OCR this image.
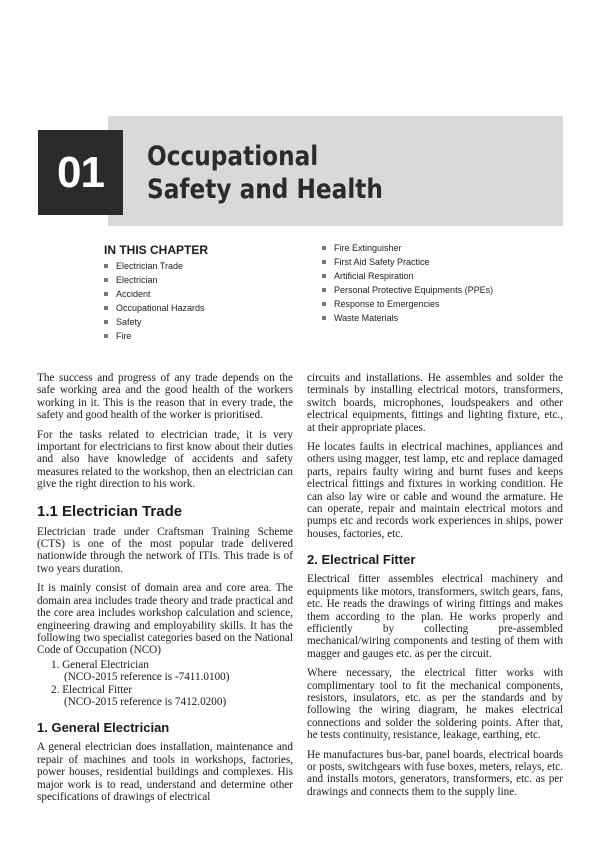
01	Occupational
Safety and Health
IN THIS CHAPTER
Electrician Trade
Electrician
Accident
Occupational Hazards
Safety
Fire
Fire Extinguisher
First Aid Safety Practice
Artificial Respiration
Personal Protective Equipments (PPEs)
Response to Emergencies
Waste Materials

The success and progress of any trade depends on the safe working area and the good health of the workers working in it. This is the reason that in every trade, the safety and good health of the worker is prioritised.

For the tasks related to electrician trade, it is very important for electricians to first know about their duties and also have knowledge of accidents and safety measures related to the workshop, then an electrician can give the right direction to his work.

1.1 Electrician Trade

Electrician trade under Craftsman Training Scheme (CTS) is one of the most popular trade delivered nationwide through the network of ITIs. This trade is of two years duration.

It is mainly consist of domain area and core area. The domain area includes trade theory and trade practical and the core area includes workshop calculation and science, engineering drawing and employability skills. It has the following two specialist categories based on the National Code of Occupation (NCO)

1. General Electrician
(NCO-2015 reference is -7411.0100)
2. Electrical Fitter
(NCO-2015 reference is 7412.0200)
1. General Electrician

A general electrician does installation, maintenance and repair of machines and tools in workshops, factories, power houses, residential buildings and complexes. His major work is to read, understand and determine other specifications of drawings of electrical

circuits and installations. He assembles and solder the terminals by installing electrical motors, transformers, switch boards, microphones, loudspeakers and other electrical equipments, fittings and lighting fixture, etc., at their appropriate places.

He locates faults in electrical machines, appliances and others using magger, test lamp, etc and replace damaged parts, repairs faulty wiring and burnt fuses and keeps electrical fittings and fixtures in working condition. He can also lay wire or cable and wound the armature. He can operate, repair and maintain electrical motors and pumps etc and records work experiences in ships, power houses, factories, etc.

2. Electrical Fitter

Electrical fitter assembles electrical machinery and equipments like motors, transformers, switch gears, fans, etc. He reads the drawings of wiring fittings and makes them according to the plan. He works properly and efficiently by collecting pre-assembled mechanical/wiring components and testing of them with magger and gauges etc. as per the circuit.

Where necessary, the electrical fitter works with complimentary tool to fit the mechanical components, resistors, insulators, etc. as per the standards and by following the wiring diagram, he makes electrical connections and solder the soldering points. After that, he tests continuity, resistance, leakage, earthing, etc.

He manufactures bus-bar, panel boards, electrical boards or posts, switchgears with fuse boxes, meters, relays, etc. and installs motors, generators, transformers, etc. as per drawings and connects them to the supply line.
